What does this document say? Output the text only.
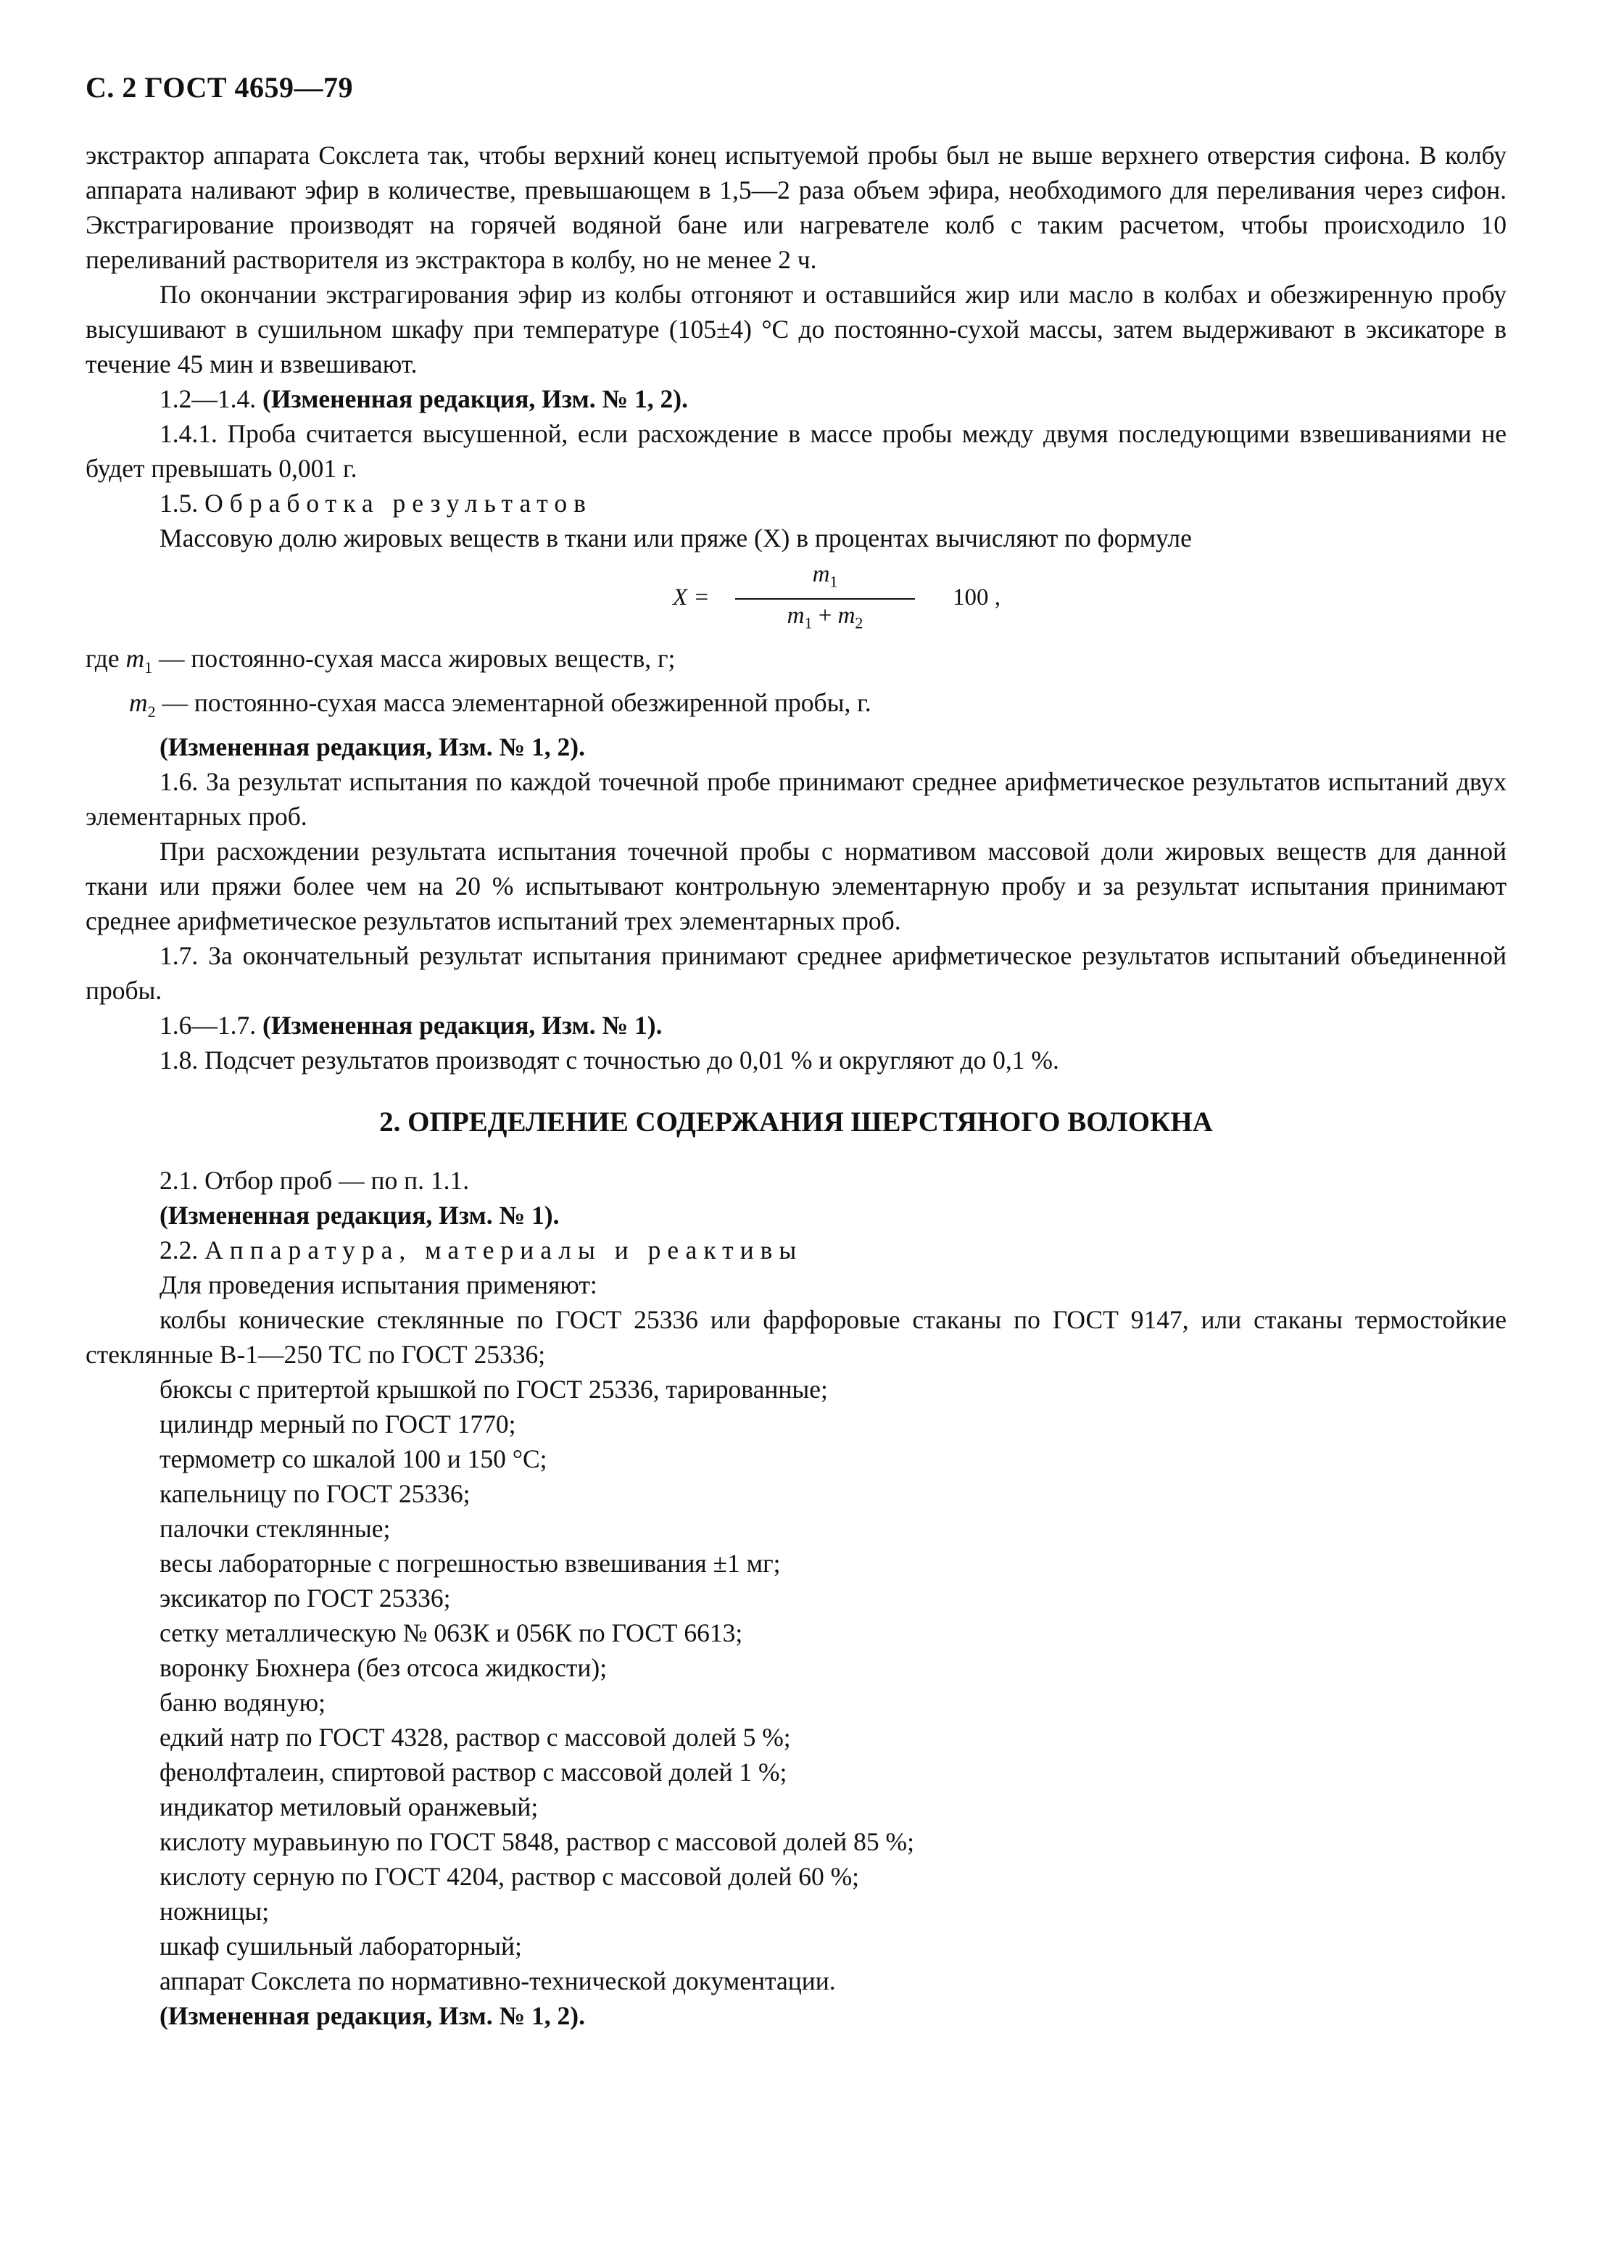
С. 2 ГОСТ 4659—79

экстрактор аппарата Сокслета так, чтобы верхний конец испытуемой пробы был не выше верхнего отверстия сифона. В колбу аппарата наливают эфир в количестве, превышающем в 1,5—2 раза объем эфира, необходимого для переливания через сифон. Экстрагирование производят на горячей водяной бане или нагревателе колб с таким расчетом, чтобы происходило 10 переливаний растворителя из экстрактора в колбу, но не менее 2 ч.

По окончании экстрагирования эфир из колбы отгоняют и оставшийся жир или масло в колбах и обезжиренную пробу высушивают в сушильном шкафу при температуре (105±4) °С до постоянно-сухой массы, затем выдерживают в эксикаторе в течение 45 мин и взвешивают.

1.2—1.4. (Измененная редакция, Изм. № 1, 2).

1.4.1. Проба считается высушенной, если расхождение в массе пробы между двумя последующими взвешиваниями не будет превышать 0,001 г.

1.5. Обработка результатов

Массовую долю жировых веществ в ткани или пряже (X) в процентах вычисляют по формуле

X =
$m_1$
$m_1 + m_2$
100 ,

где $m_1$ — постоянно-сухая масса жировых веществ, г;

$m_2$ — постоянно-сухая масса элементарной обезжиренной пробы, г.

(Измененная редакция, Изм. № 1, 2).

1.6. За результат испытания по каждой точечной пробе принимают среднее арифметическое результатов испытаний двух элементарных проб.

При расхождении результата испытания точечной пробы с нормативом массовой доли жировых веществ для данной ткани или пряжи более чем на 20 % испытывают контрольную элементарную пробу и за результат испытания принимают среднее арифметическое результатов испытаний трех элементарных проб.

1.7. За окончательный результат испытания принимают среднее арифметическое результатов испытаний объединенной пробы.

1.6—1.7. (Измененная редакция, Изм. № 1).

1.8. Подсчет результатов производят с точностью до 0,01 % и округляют до 0,1 %.

2. ОПРЕДЕЛЕНИЕ СОДЕРЖАНИЯ ШЕРСТЯНОГО ВОЛОКНА

2.1. Отбор проб — по п. 1.1.

(Измененная редакция, Изм. № 1).

2.2. Аппаратура, материалы и реактивы

Для проведения испытания применяют:

колбы конические стеклянные по ГОСТ 25336 или фарфоровые стаканы по ГОСТ 9147, или стаканы термостойкие стеклянные В-1—250 ТС по ГОСТ 25336;

бюксы с притертой крышкой по ГОСТ 25336, тарированные;

цилиндр мерный по ГОСТ 1770;

термометр со шкалой 100 и 150 °С;

капельницу по ГОСТ 25336;

палочки стеклянные;

весы лабораторные с погрешностью взвешивания ±1 мг;

эксикатор по ГОСТ 25336;

сетку металлическую № 063К и 056К по ГОСТ 6613;

воронку Бюхнера (без отсоса жидкости);

баню водяную;

едкий натр по ГОСТ 4328, раствор с массовой долей 5 %;

фенолфталеин, спиртовой раствор с массовой долей 1 %;

индикатор метиловый оранжевый;

кислоту муравьиную по ГОСТ 5848, раствор с массовой долей 85 %;

кислоту серную по ГОСТ 4204, раствор с массовой долей 60 %;

ножницы;

шкаф сушильный лабораторный;

аппарат Сокслета по нормативно-технической документации.

(Измененная редакция, Изм. № 1, 2).
